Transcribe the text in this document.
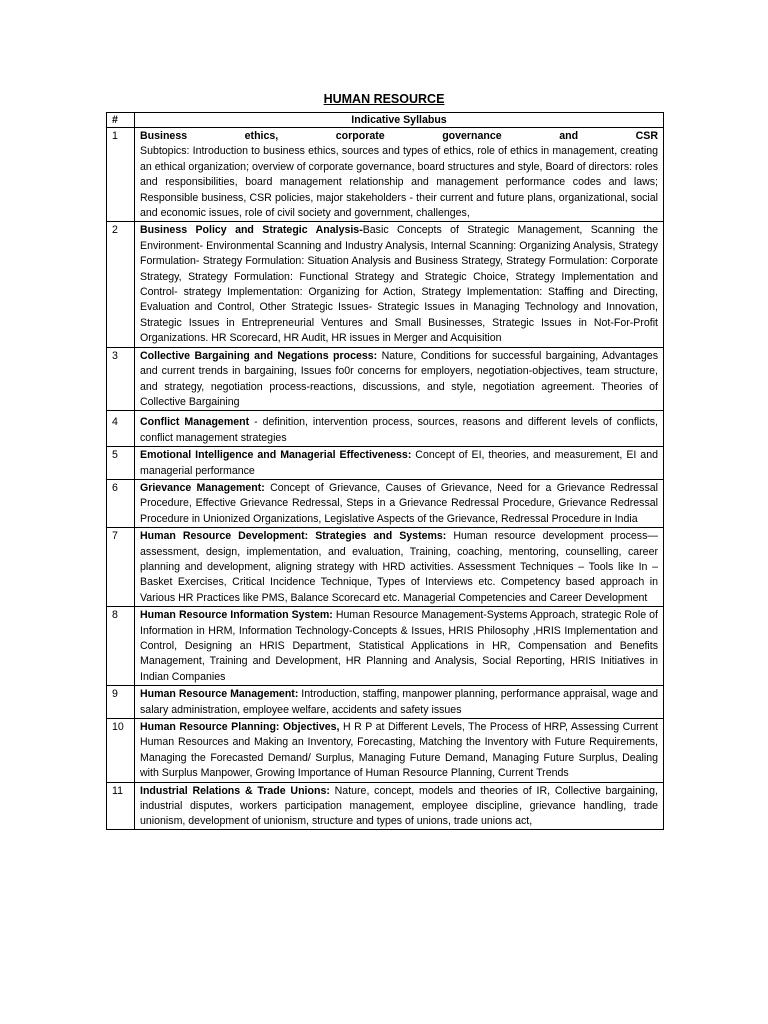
HUMAN RESOURCE
#	Indicative Syllabus
1	Business ethics, corporate governance and CSR
Subtopics: Introduction to business ethics, sources and types of ethics, role of ethics in management, creating an ethical organization; overview of corporate governance, board structures and style, Board of directors: roles and responsibilities, board management relationship and management performance codes and laws; Responsible business, CSR policies, major stakeholders - their current and future plans, organizational, social and economic issues, role of civil society and government, challenges,
2	Business Policy and Strategic Analysis-Basic Concepts of Strategic Management, Scanning the Environment- Environmental Scanning and Industry Analysis, Internal Scanning: Organizing Analysis, Strategy Formulation- Strategy Formulation: Situation Analysis and Business Strategy, Strategy Formulation: Corporate Strategy, Strategy Formulation: Functional Strategy and Strategic Choice, Strategy Implementation and Control- strategy Implementation: Organizing for Action, Strategy Implementation: Staffing and Directing, Evaluation and Control, Other Strategic Issues- Strategic Issues in Managing Technology and Innovation, Strategic Issues in Entrepreneurial Ventures and Small Businesses, Strategic Issues in Not-For-Profit Organizations. HR Scorecard, HR Audit, HR issues in Merger and Acquisition
3	Collective Bargaining and Negations process: Nature, Conditions for successful bargaining, Advantages and current trends in bargaining, Issues fo0r concerns for employers, negotiation-objectives, team structure, and strategy, negotiation process-reactions, discussions, and style, negotiation agreement. Theories of Collective Bargaining
4	Conflict Management - definition, intervention process, sources, reasons and different levels of conflicts, conflict management strategies
5	Emotional Intelligence and Managerial Effectiveness: Concept of EI, theories, and measurement, EI and managerial performance
6	Grievance Management: Concept of Grievance, Causes of Grievance, Need for a Grievance Redressal Procedure, Effective Grievance Redressal, Steps in a Grievance Redressal Procedure, Grievance Redressal Procedure in Unionized Organizations, Legislative Aspects of the Grievance, Redressal Procedure in India
7	Human Resource Development: Strategies and Systems: Human resource development process—assessment, design, implementation, and evaluation, Training, coaching, mentoring, counselling, career planning and development, aligning strategy with HRD activities. Assessment Techniques – Tools like In –Basket Exercises, Critical Incidence Technique, Types of Interviews etc. Competency based approach in Various HR Practices like PMS, Balance Scorecard etc. Managerial Competencies and Career Development
8	Human Resource Information System: Human Resource Management-Systems Approach, strategic Role of Information in HRM, Information Technology-Concepts & Issues, HRIS Philosophy ,HRIS Implementation and Control, Designing an HRIS Department, Statistical Applications in HR, Compensation and Benefits Management, Training and Development, HR Planning and Analysis, Social Reporting, HRIS Initiatives in Indian Companies
9	Human Resource Management: Introduction, staffing, manpower planning, performance appraisal, wage and salary administration, employee welfare, accidents and safety issues
10	Human Resource Planning: Objectives, H R P at Different Levels, The Process of HRP, Assessing Current Human Resources and Making an Inventory, Forecasting, Matching the Inventory with Future Requirements, Managing the Forecasted Demand/ Surplus, Managing Future Demand, Managing Future Surplus, Dealing with Surplus Manpower, Growing Importance of Human Resource Planning, Current Trends
11	Industrial Relations & Trade Unions: Nature, concept, models and theories of IR, Collective bargaining, industrial disputes, workers participation management, employee discipline, grievance handling, trade unionism, development of unionism, structure and types of unions, trade unions act,
